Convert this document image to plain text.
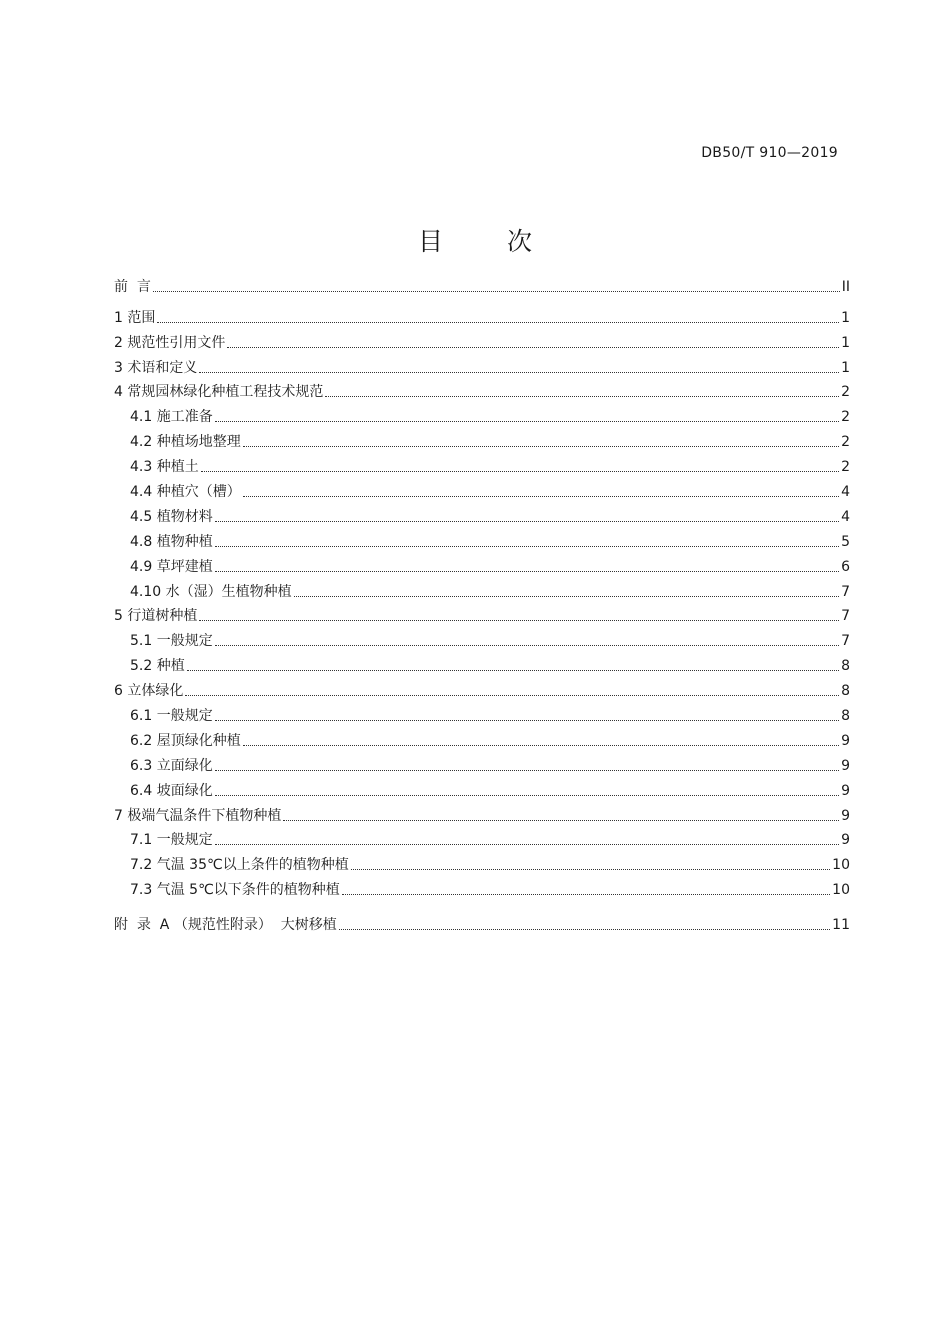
DB50/T 910—2019
目 次
前  言	II
1 范围	1
2 规范性引用文件	1
3 术语和定义	1
4 常规园林绿化种植工程技术规范	2
4.1 施工准备	2
4.2 种植场地整理	2
4.3 种植土	2
4.4 种植穴（槽）	4
4.5 植物材料	4
4.8 植物种植	5
4.9 草坪建植	6
4.10 水（湿）生植物种植	7
5 行道树种植	7
5.1 一般规定	7
5.2 种植	8
6 立体绿化	8
6.1 一般规定	8
6.2 屋顶绿化种植	9
6.3 立面绿化	9
6.4 坡面绿化	9
7 极端气温条件下植物种植	9
7.1 一般规定	9
7.2 气温 35℃以上条件的植物种植	10
7.3 气温 5℃以下条件的植物种植	10
附  录  A （规范性附录）  大树移植	11
